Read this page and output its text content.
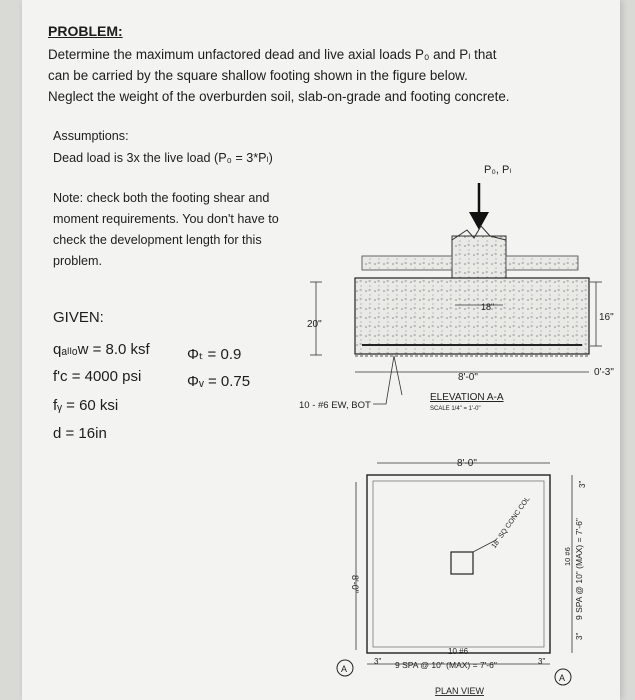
PROBLEM:
Determine the maximum unfactored dead and live axial loads P₀ and Pₗ that
can be carried by the square shallow footing shown in the figure below.
Neglect the weight of the overburden soil, slab-on-grade and footing concrete.
Assumptions:
Dead load is 3x the live load (P₀ = 3*Pₗ)
Note: check both the footing shear and
moment requirements. You don't have to
check the development length for this
problem.
GIVEN:
qₐₗₗₒw = 8.0 ksf
f'ᴄ = 4000 psi
fᵧ = 60 ksi
d = 16in
Φₜ = 0.9
Φᵥ = 0.75
P₀, Pₗ
18"
20"
16"
0'-3"
8'-0"
10 - #6 EW, BOT
ELEVATION A-A
SCALE 1/4" = 1'-0"
18" SQ CONC COL
8'-0"
8'-0"
10 #6
9 SPA @ 10" (MAX) = 7'-6"
3"	3"
10 #6 9 SPA @ 10" (MAX) = 7'-6"
3"
3"
A
A
PLAN VIEW
